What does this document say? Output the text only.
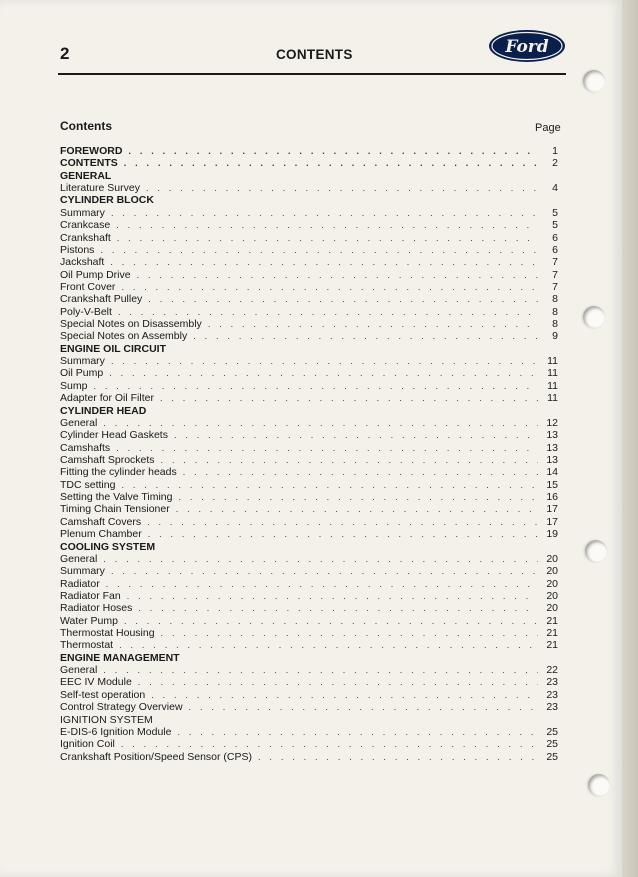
2	CONTENTS	Ford
Contents	Page
FOREWORD . . .	1
CONTENTS . . .	2
GENERAL
Literature Survey . . .	4
CYLINDER BLOCK
Summary . . .	5
Crankcase . . .	5
Crankshaft . . .	6
Pistons . . .	6
Jackshaft . . .	7
Oil Pump Drive . . .	7
Front Cover . . .	7
Crankshaft Pulley . . .	8
Poly-V-Belt . . .	8
Special Notes on Disassembly . . .	8
Special Notes on Assembly . . .	9
ENGINE OIL CIRCUIT
Summary . . .	11
Oil Pump . . .	11
Sump . . .	11
Adapter for Oil Filter . . .	11
CYLINDER HEAD
General . . .	12
Cylinder Head Gaskets . . .	13
Camshafts . . .	13
Camshaft Sprockets . . .	13
Fitting the cylinder heads . . .	14
TDC setting . . .	15
Setting the Valve Timing . . .	16
Timing Chain Tensioner . . .	17
Camshaft Covers . . .	17
Plenum Chamber . . .	19
COOLING SYSTEM
General . . .	20
Summary . . .	20
Radiator . . .	20
Radiator Fan . . .	20
Radiator Hoses . . .	20
Water Pump . . .	21
Thermostat Housing . . .	21
Thermostat . . .	21
ENGINE MANAGEMENT
General . . .	22
EEC IV Module . . .	23
Self-test operation . . .	23
Control Strategy Overview . . .	23
IGNITION SYSTEM
E-DIS-6 Ignition Module . . .	25
Ignition Coil . . .	25
Crankshaft Position/Speed Sensor (CPS) . . .	25
